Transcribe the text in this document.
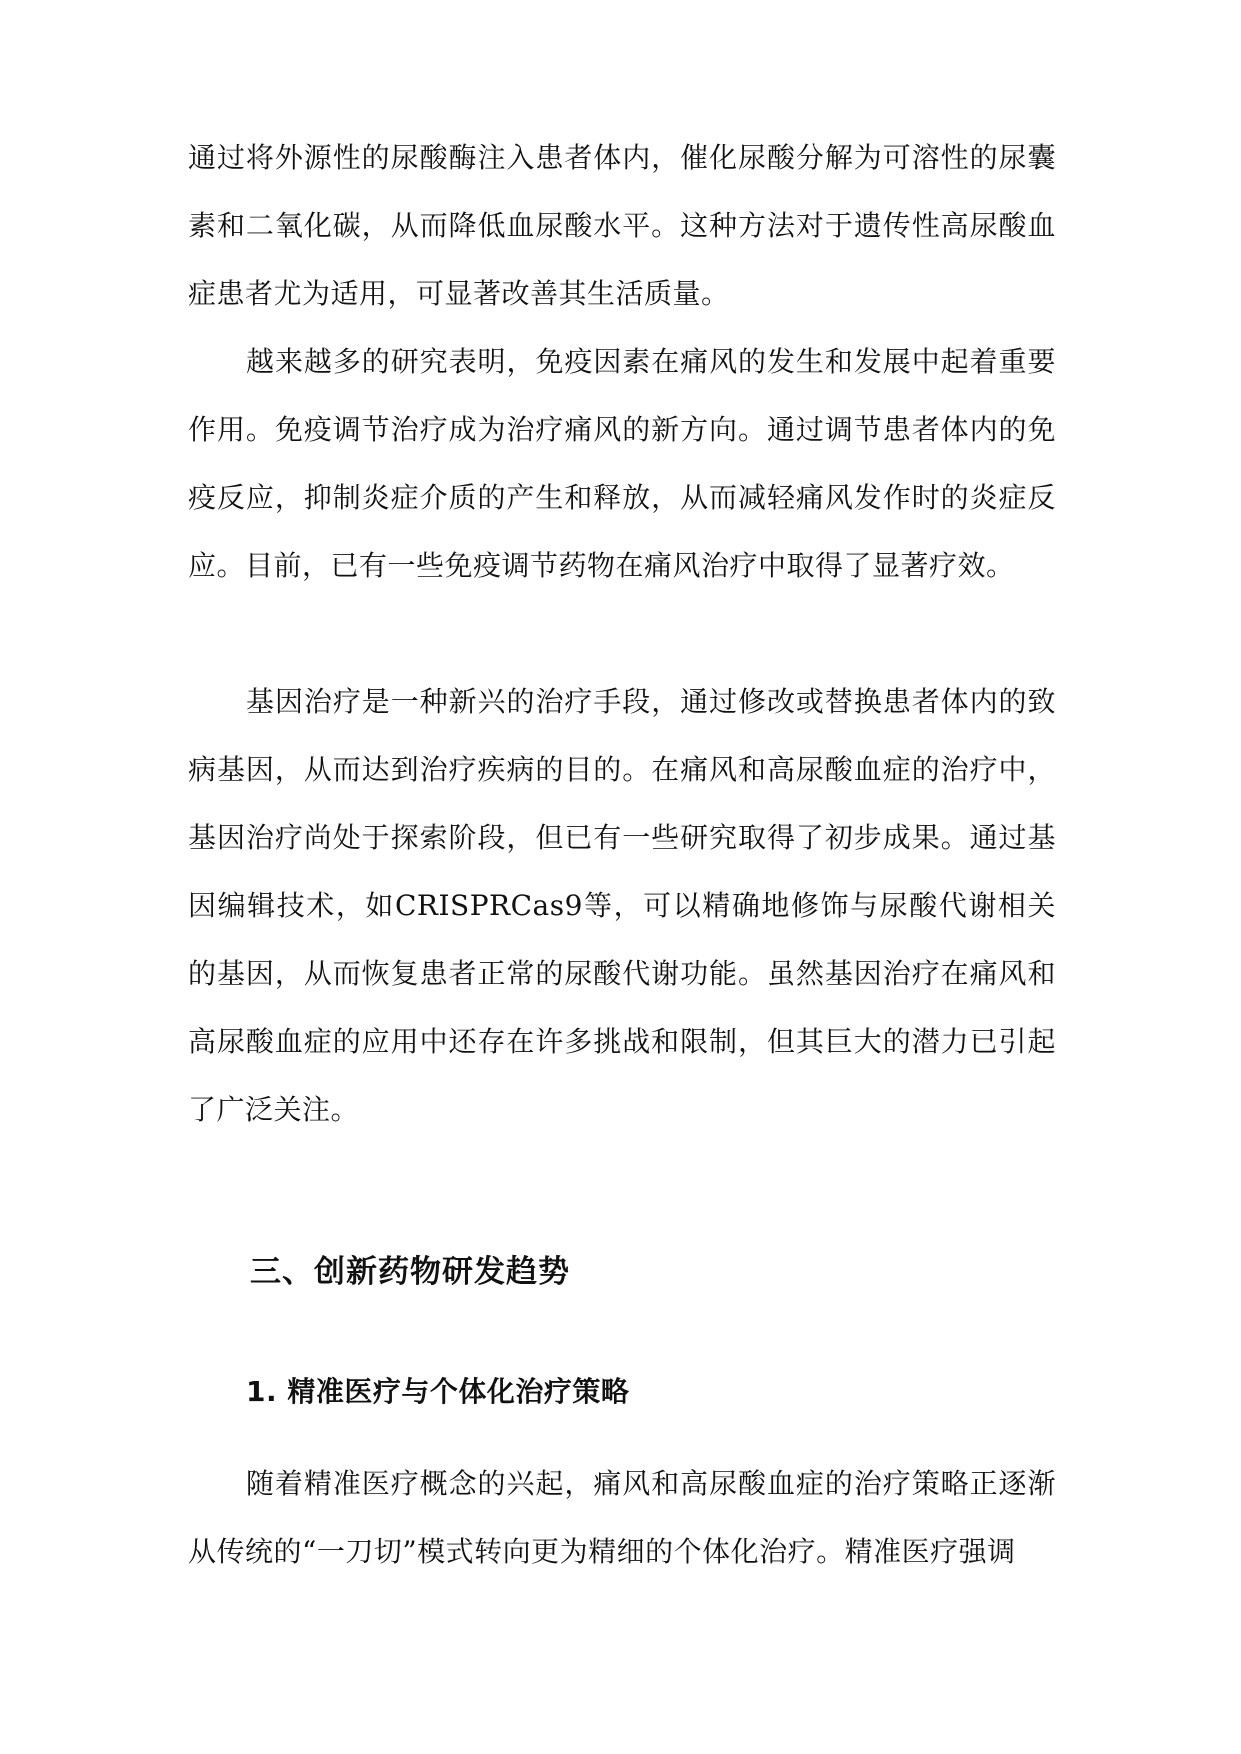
通过将外源性的尿酸酶注入患者体内，催化尿酸分解为可溶性的尿囊素和二氧化碳，从而降低血尿酸水平。这种方法对于遗传性高尿酸血症患者尤为适用，可显著改善其生活质量。

越来越多的研究表明，免疫因素在痛风的发生和发展中起着重要作用。免疫调节治疗成为治疗痛风的新方向。通过调节患者体内的免疫反应，抑制炎症介质的产生和释放，从而减轻痛风发作时的炎症反应。目前，已有一些免疫调节药物在痛风治疗中取得了显著疗效。

基因治疗是一种新兴的治疗手段，通过修改或替换患者体内的致病基因，从而达到治疗疾病的目的。在痛风和高尿酸血症的治疗中，基因治疗尚处于探索阶段，但已有一些研究取得了初步成果。通过基因编辑技术，如CRISPRCas9等，可以精确地修饰与尿酸代谢相关的基因，从而恢复患者正常的尿酸代谢功能。虽然基因治疗在痛风和高尿酸血症的应用中还存在许多挑战和限制，但其巨大的潜力已引起了广泛关注。

三、创新药物研发趋势
1. 精准医疗与个体化治疗策略

随着精准医疗概念的兴起，痛风和高尿酸血症的治疗策略正逐渐从传统的“一刀切”模式转向更为精细的个体化治疗。精准医疗强调
